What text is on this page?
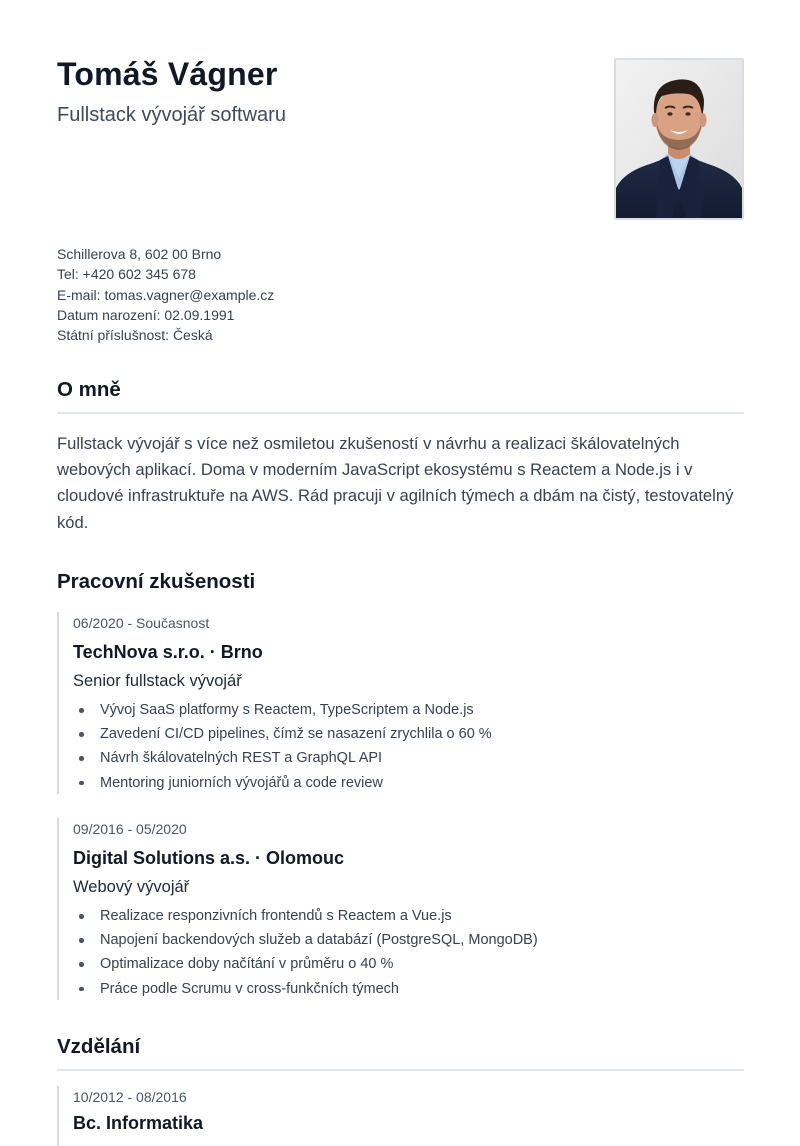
Tomáš Vágner
Fullstack vývojář softwaru
Schillerova 8, 602 00 Brno
Tel: +420 602 345 678
E-mail: tomas.vagner@example.cz
Datum narození: 02.09.1991
Státní příslušnost: Česká
O mně
Fullstack vývojář s více než osmiletou zkušeností v návrhu a realizaci škálovatelných webových aplikací. Doma v moderním JavaScript ekosystému s Reactem a Node.js i v cloudové infrastruktuře na AWS. Rád pracuji v agilních týmech a dbám na čistý, testovatelný kód.
Pracovní zkušenosti
06/2020 - Současnost
TechNova s.r.o. · Brno
Senior fullstack vývojář
Vývoj SaaS platformy s Reactem, TypeScriptem a Node.js
Zavedení CI/CD pipelines, čímž se nasazení zrychlila o 60 %
Návrh škálovatelných REST a GraphQL API
Mentoring juniorních vývojářů a code review
09/2016 - 05/2020
Digital Solutions a.s. · Olomouc
Webový vývojář
Realizace responzivních frontendů s Reactem a Vue.js
Napojení backendových služeb a databází (PostgreSQL, MongoDB)
Optimalizace doby načítání v průměru o 40 %
Práce podle Scrumu v cross-funkčních týmech
Vzdělání
10/2012 - 08/2016
Bc. Informatika
